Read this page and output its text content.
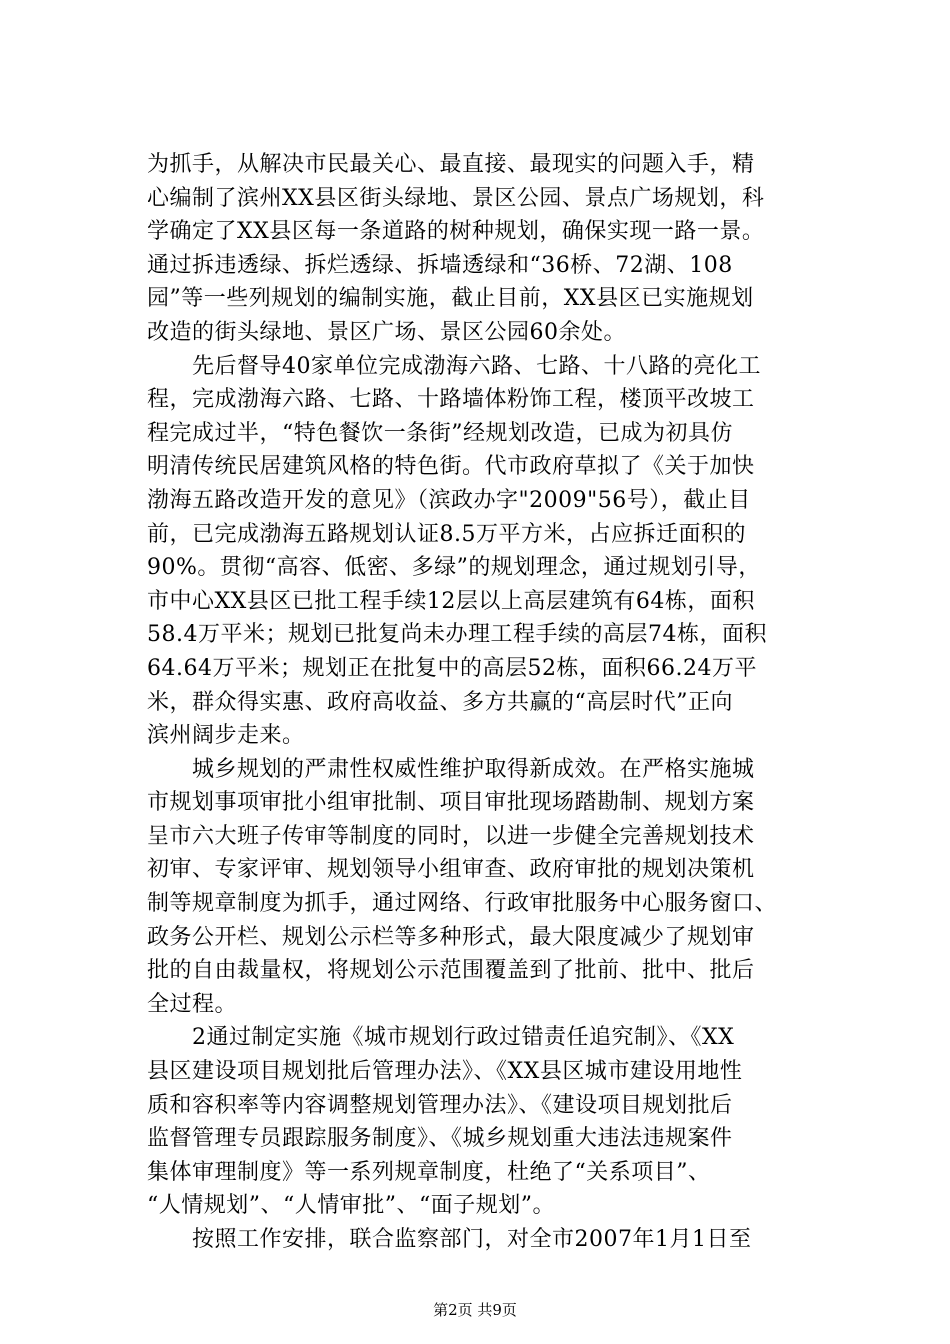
为抓手，从解决市民最关心、最直接、最现实的问题入手，精
心编制了滨州XX县区街头绿地、景区公园、景点广场规划，科
学确定了XX县区每一条道路的树种规划，确保实现一路一景。
通过拆违透绿、拆烂透绿、拆墙透绿和“36桥、72湖、108
园”等一些列规划的编制实施，截止目前，XX县区已实施规划
改造的街头绿地、景区广场、景区公园60余处。
　　先后督导40家单位完成渤海六路、七路、十八路的亮化工
程，完成渤海六路、七路、十路墙体粉饰工程，楼顶平改坡工
程完成过半，“特色餐饮一条街”经规划改造，已成为初具仿
明清传统民居建筑风格的特色街。代市政府草拟了《关于加快
渤海五路改造开发的意见》（滨政办字"2009"56号），截止目
前，已完成渤海五路规划认证8.5万平方米，占应拆迁面积的
90%。贯彻“高容、低密、多绿”的规划理念，通过规划引导，
市中心XX县区已批工程手续12层以上高层建筑有64栋，面积
58.4万平米；规划已批复尚未办理工程手续的高层74栋，面积
64.64万平米；规划正在批复中的高层52栋，面积66.24万平
米，群众得实惠、政府高收益、多方共赢的“高层时代”正向
滨州阔步走来。
　　城乡规划的严肃性权威性维护取得新成效。在严格实施城
市规划事项审批小组审批制、项目审批现场踏勘制、规划方案
呈市六大班子传审等制度的同时，以进一步健全完善规划技术
初审、专家评审、规划领导小组审查、政府审批的规划决策机
制等规章制度为抓手，通过网络、行政审批服务中心服务窗口、
政务公开栏、规划公示栏等多种形式，最大限度减少了规划审
批的自由裁量权，将规划公示范围覆盖到了批前、批中、批后
全过程。
　　2通过制定实施《城市规划行政过错责任追究制》、《XX
县区建设项目规划批后管理办法》、《XX县区城市建设用地性
质和容积率等内容调整规划管理办法》、《建设项目规划批后
监督管理专员跟踪服务制度》、《城乡规划重大违法违规案件
集体审理制度》等一系列规章制度，杜绝了“关系项目”、
“人情规划”、“人情审批”、“面子规划”。
　　按照工作安排，联合监察部门，对全市2007年1月1日至
第2页 共9页
